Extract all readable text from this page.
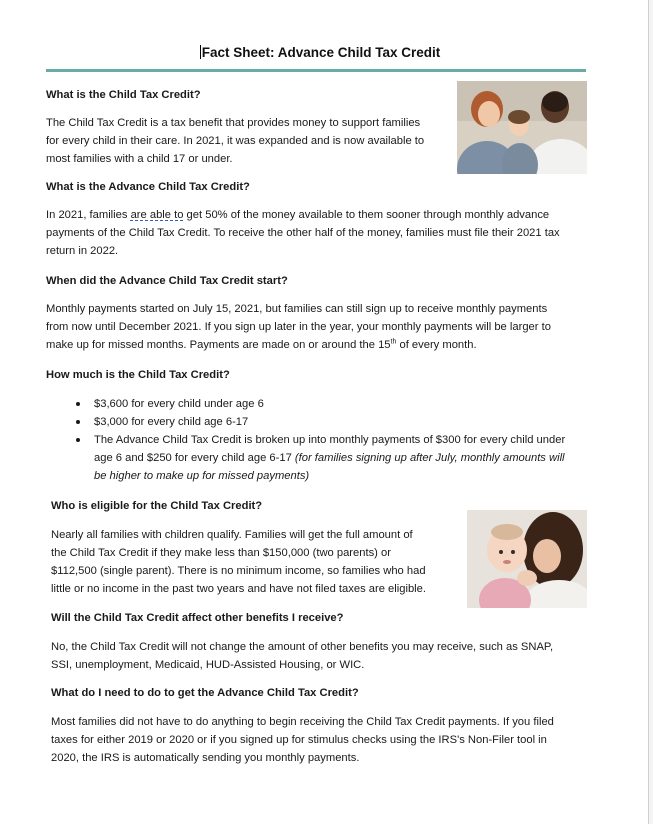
Fact Sheet: Advance Child Tax Credit

What is the Child Tax Credit?

The Child Tax Credit is a tax benefit that provides money to support families

for every child in their care. In 2021, it was expanded and is now available to

most families with a child 17 or under.

What is the Advance Child Tax Credit?

In 2021, families are able to get 50% of the money available to them sooner through monthly advance

payments of the Child Tax Credit. To receive the other half of the money, families must file their 2021 tax

return in 2022.

When did the Advance Child Tax Credit start?

Monthly payments started on July 15, 2021, but families can still sign up to receive monthly payments

from now until December 2021. If you sign up later in the year, your monthly payments will be larger to

make up for missed months. Payments are made on or around the 15th of every month.

How much is the Child Tax Credit?

$3,600 for every child under age 6
$3,000 for every child age 6-17
The Advance Child Tax Credit is broken up into monthly payments of $300 for every child under
age 6 and $250 for every child age 6-17 (for families signing up after July, monthly amounts will
be higher to make up for missed payments)

Who is eligible for the Child Tax Credit?

Nearly all families with children qualify. Families will get the full amount of

the Child Tax Credit if they make less than $150,000 (two parents) or

$112,500 (single parent). There is no minimum income, so families who had

little or no income in the past two years and have not filed taxes are eligible.

Will the Child Tax Credit affect other benefits I receive?

No, the Child Tax Credit will not change the amount of other benefits you may receive, such as SNAP,

SSI, unemployment, Medicaid, HUD-Assisted Housing, or WIC.

What do I need to do to get the Advance Child Tax Credit?

Most families did not have to do anything to begin receiving the Child Tax Credit payments. If you filed

taxes for either 2019 or 2020 or if you signed up for stimulus checks using the IRS's Non-Filer tool in

2020, the IRS is automatically sending you monthly payments.
